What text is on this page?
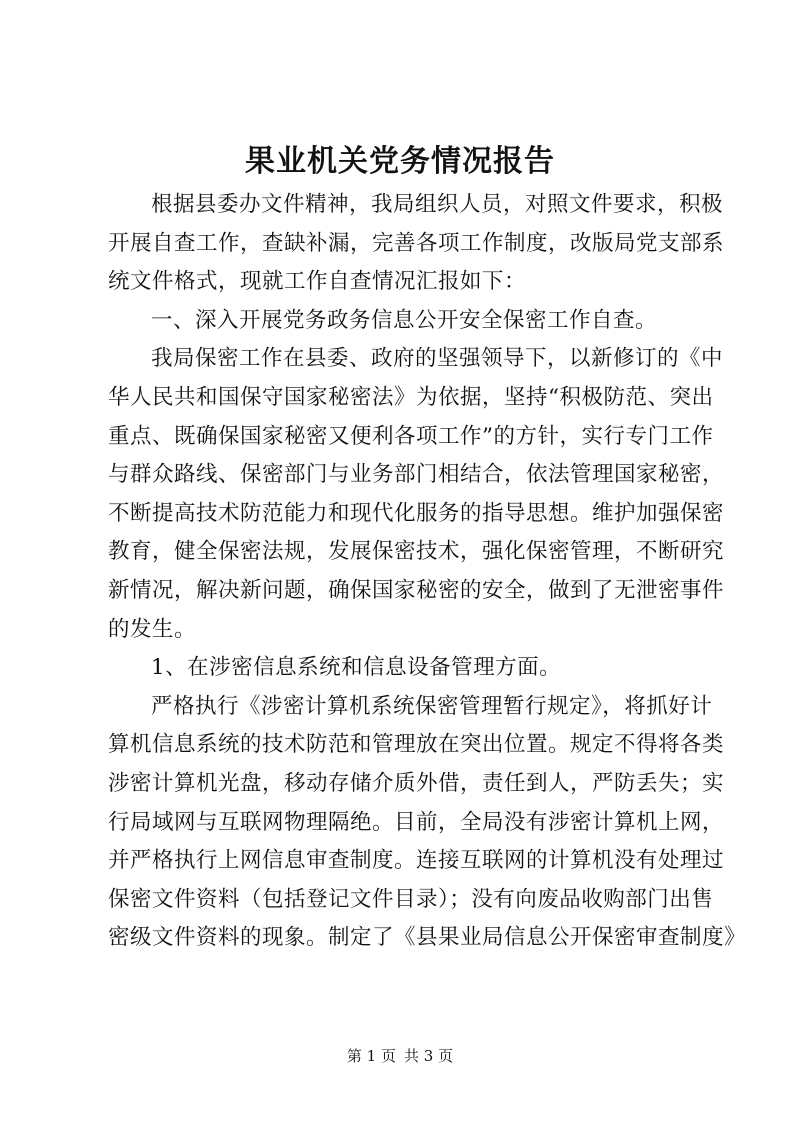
果业机关党务情况报告
根据县委办文件精神，我局组织人员，对照文件要求，积极
开展自查工作，查缺补漏，完善各项工作制度，改版局党支部系
统文件格式，现就工作自查情况汇报如下：
一、深入开展党务政务信息公开安全保密工作自查。
我局保密工作在县委、政府的坚强领导下，以新修订的《中
华人民共和国保守国家秘密法》为依据，坚持“积极防范、突出
重点、既确保国家秘密又便利各项工作”的方针，实行专门工作
与群众路线、保密部门与业务部门相结合，依法管理国家秘密，
不断提高技术防范能力和现代化服务的指导思想。维护加强保密
教育，健全保密法规，发展保密技术，强化保密管理，不断研究
新情况，解决新问题，确保国家秘密的安全，做到了无泄密事件
的发生。
1、在涉密信息系统和信息设备管理方面。
严格执行《涉密计算机系统保密管理暂行规定》，将抓好计
算机信息系统的技术防范和管理放在突出位置。规定不得将各类
涉密计算机光盘，移动存储介质外借，责任到人，严防丢失；实
行局域网与互联网物理隔绝。目前，全局没有涉密计算机上网，
并严格执行上网信息审查制度。连接互联网的计算机没有处理过
保密文件资料（包括登记文件目录）；没有向废品收购部门出售
密级文件资料的现象。制定了《县果业局信息公开保密审查制度》
第 1 页 共 3 页
